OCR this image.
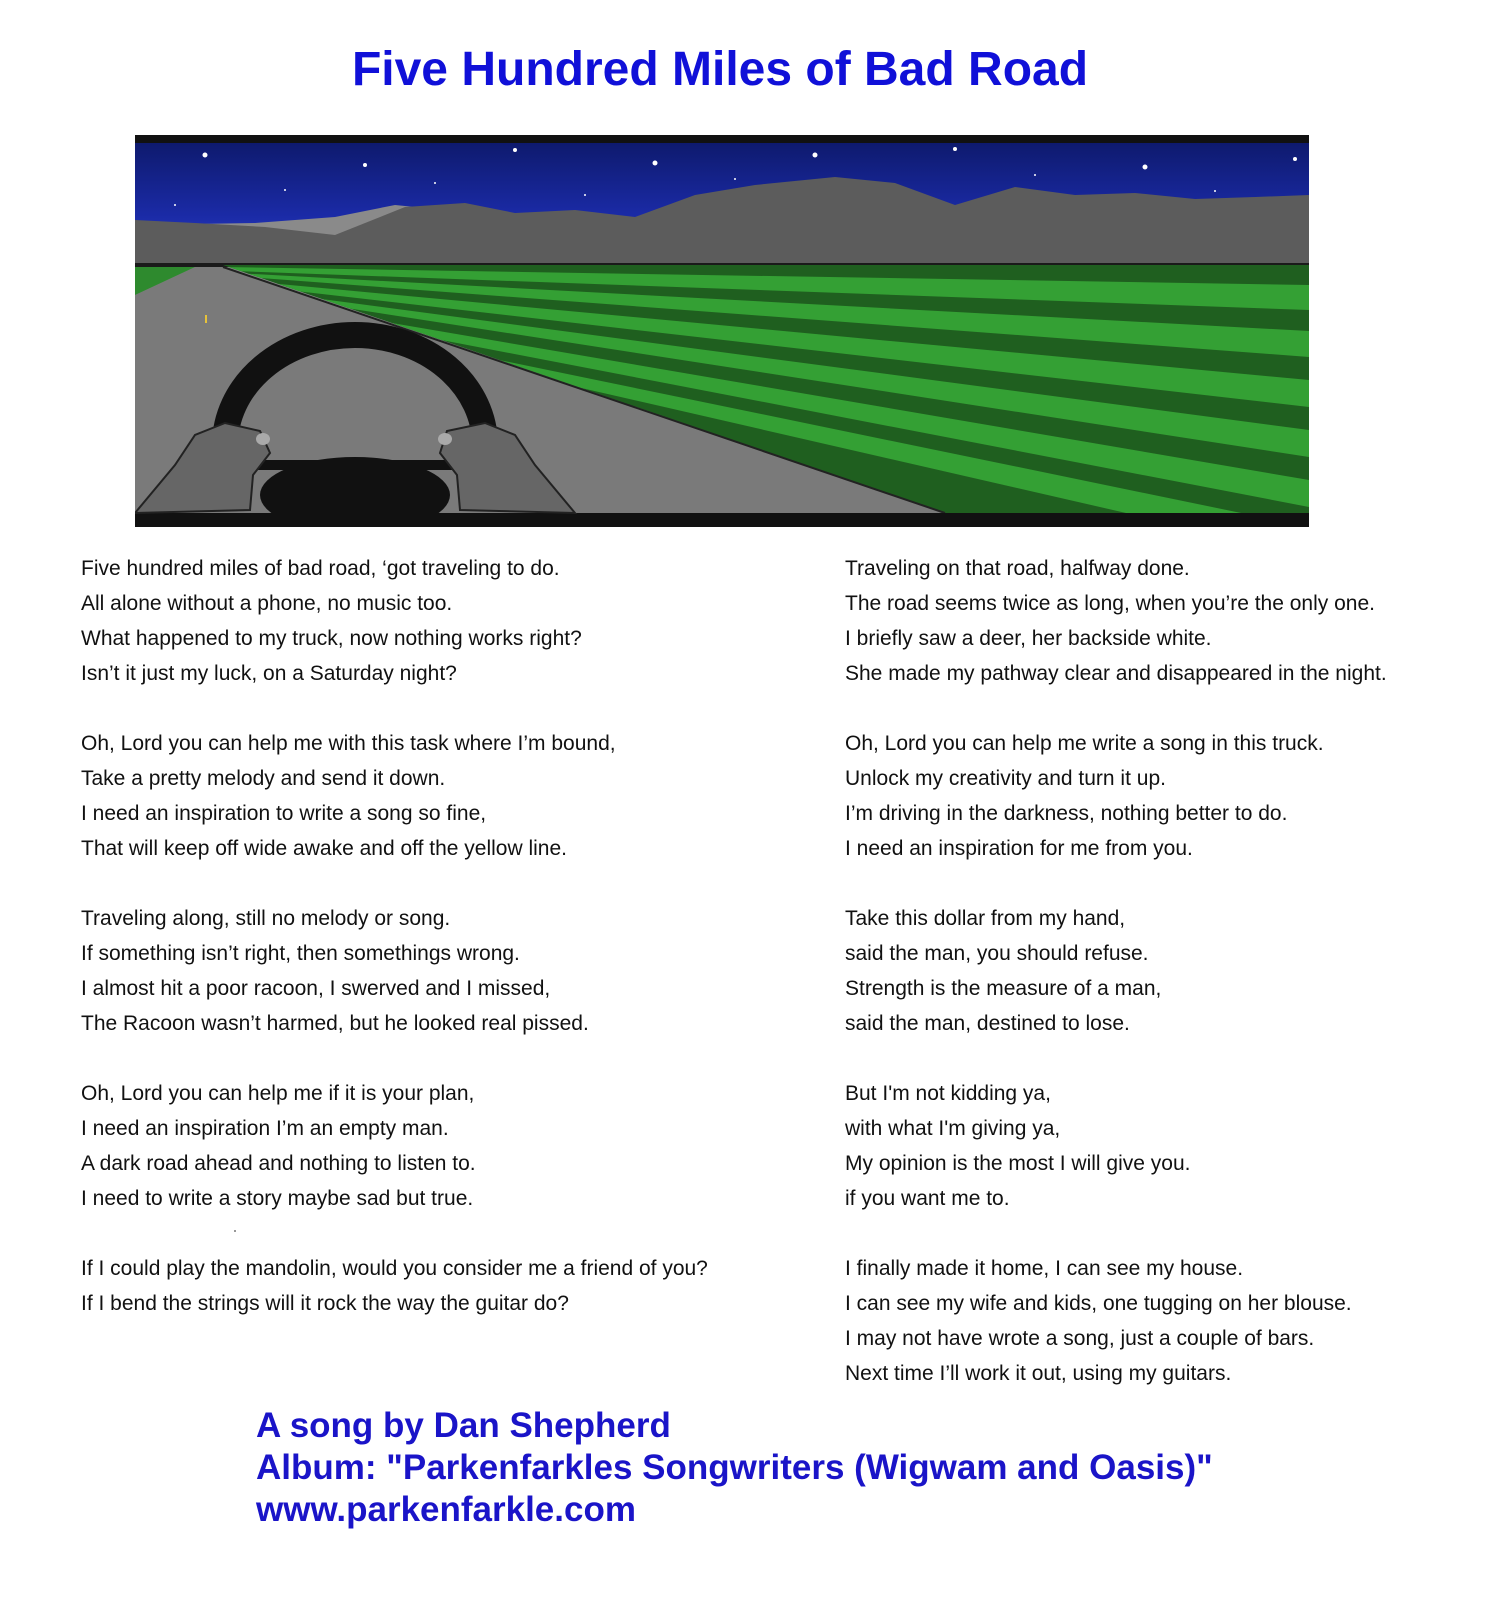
Five Hundred Miles of Bad Road
Five hundred miles of bad road, ‘got traveling to do.
All alone without a phone, no music too.
What happened to my truck, now nothing works right?
Isn’t it just my luck, on a Saturday night?
Oh, Lord you can help me with this task where I’m bound,
Take a pretty melody and send it down.
I need an inspiration to write a song so fine,
That will keep off wide awake and off the yellow line.
Traveling along, still no melody or song.
If something isn’t right, then somethings wrong.
I almost hit a poor racoon, I swerved and I missed,
The Racoon wasn’t harmed, but he looked real pissed.
Oh, Lord you can help me if it is your plan,
I need an inspiration I’m an empty man.
A dark road ahead and nothing to listen to.
I need to write a story maybe sad but true.
If I could play the mandolin, would you consider me a friend of you?
If I bend the strings will it rock the way the guitar do?
Traveling on that road, halfway done.
The road seems twice as long, when you’re the only one.
I briefly saw a deer, her backside white.
She made my pathway clear and disappeared in the night.
Oh, Lord you can help me write a song in this truck.
Unlock my creativity and turn it up.
I’m driving in the darkness, nothing better to do.
I need an inspiration for me from you.
Take this dollar from my hand,
said the man, you should refuse.
Strength is the measure of a man,
said the man, destined to lose.
But I'm not kidding ya,
with what I'm giving ya,
My opinion is the most I will give you.
if you want me to.
I finally made it home, I can see my house.
I can see my wife and kids, one tugging on her blouse.
I may not have wrote a song, just a couple of bars.
Next time I’ll work it out, using my guitars.
A song by Dan Shepherd
Album: "Parkenfarkles Songwriters (Wigwam and Oasis)"
www.parkenfarkle.com
